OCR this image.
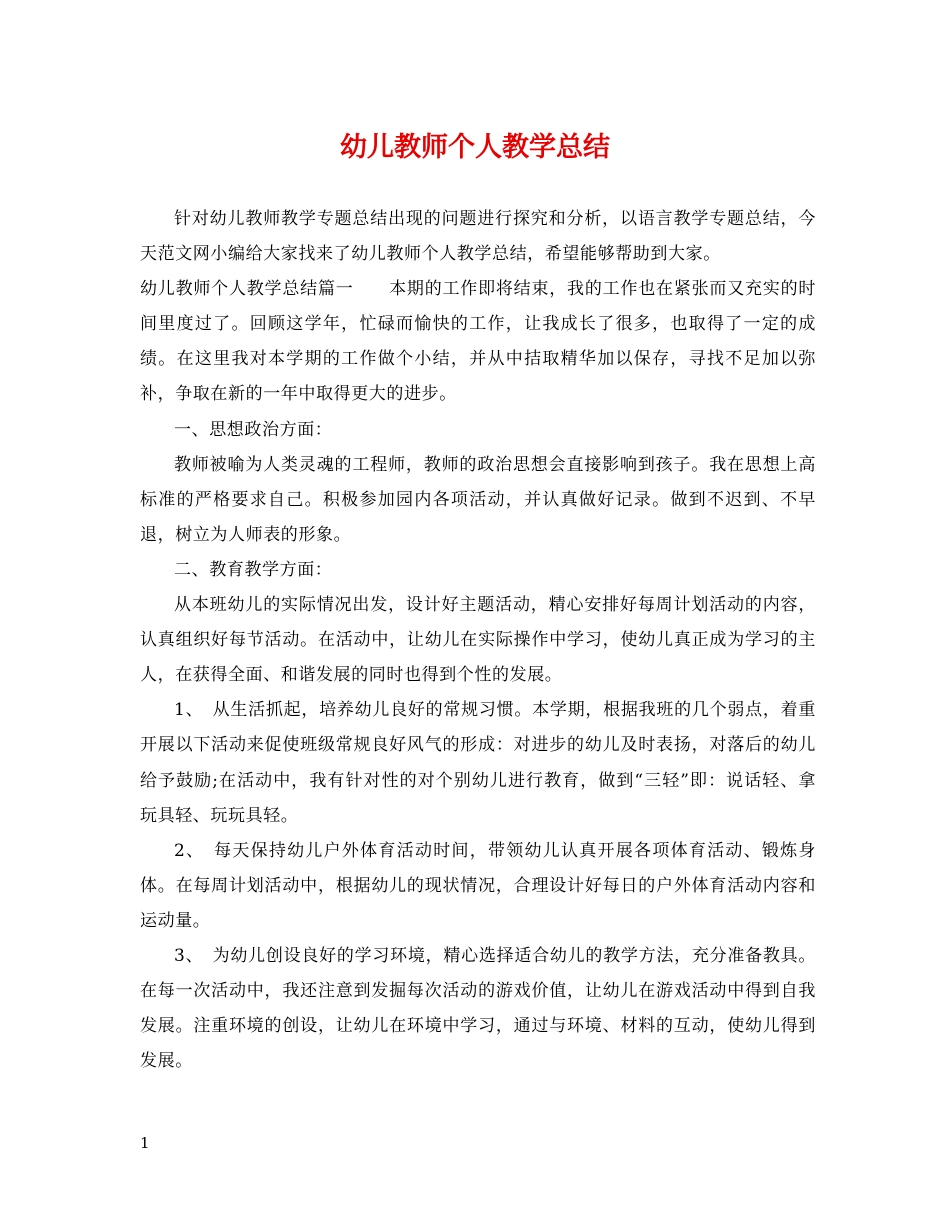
幼儿教师个人教学总结

针对幼儿教师教学专题总结出现的问题进行探究和分析，以语言教学专题总结，今天范文网小编给大家找来了幼儿教师个人教学总结，希望能够帮助到大家。

幼儿教师个人教学总结篇一　　本期的工作即将结束，我的工作也在紧张而又充实的时间里度过了。回顾这学年，忙碌而愉快的工作，让我成长了很多，也取得了一定的成绩。在这里我对本学期的工作做个小结，并从中拮取精华加以保存，寻找不足加以弥补，争取在新的一年中取得更大的进步。

一、思想政治方面：

教师被喻为人类灵魂的工程师，教师的政治思想会直接影响到孩子。我在思想上高标准的严格要求自己。积极参加园内各项活动，并认真做好记录。做到不迟到、不早退，树立为人师表的形象。

二、教育教学方面：

从本班幼儿的实际情况出发，设计好主题活动，精心安排好每周计划活动的内容，认真组织好每节活动。在活动中，让幼儿在实际操作中学习，使幼儿真正成为学习的主人，在获得全面、和谐发展的同时也得到个性的发展。

1、　从生活抓起，培养幼儿良好的常规习惯。本学期，根据我班的几个弱点，着重开展以下活动来促使班级常规良好风气的形成：对进步的幼儿及时表扬，对落后的幼儿给予鼓励;在活动中，我有针对性的对个别幼儿进行教育，做到“三轻”即：说话轻、拿玩具轻、玩玩具轻。

2、　每天保持幼儿户外体育活动时间，带领幼儿认真开展各项体育活动、锻炼身体。在每周计划活动中，根据幼儿的现状情况，合理设计好每日的户外体育活动内容和运动量。

3、　为幼儿创设良好的学习环境，精心选择适合幼儿的教学方法，充分准备教具。在每一次活动中，我还注意到发掘每次活动的游戏价值，让幼儿在游戏活动中得到自我发展。注重环境的创设，让幼儿在环境中学习，通过与环境、材料的互动，使幼儿得到发展。

1
